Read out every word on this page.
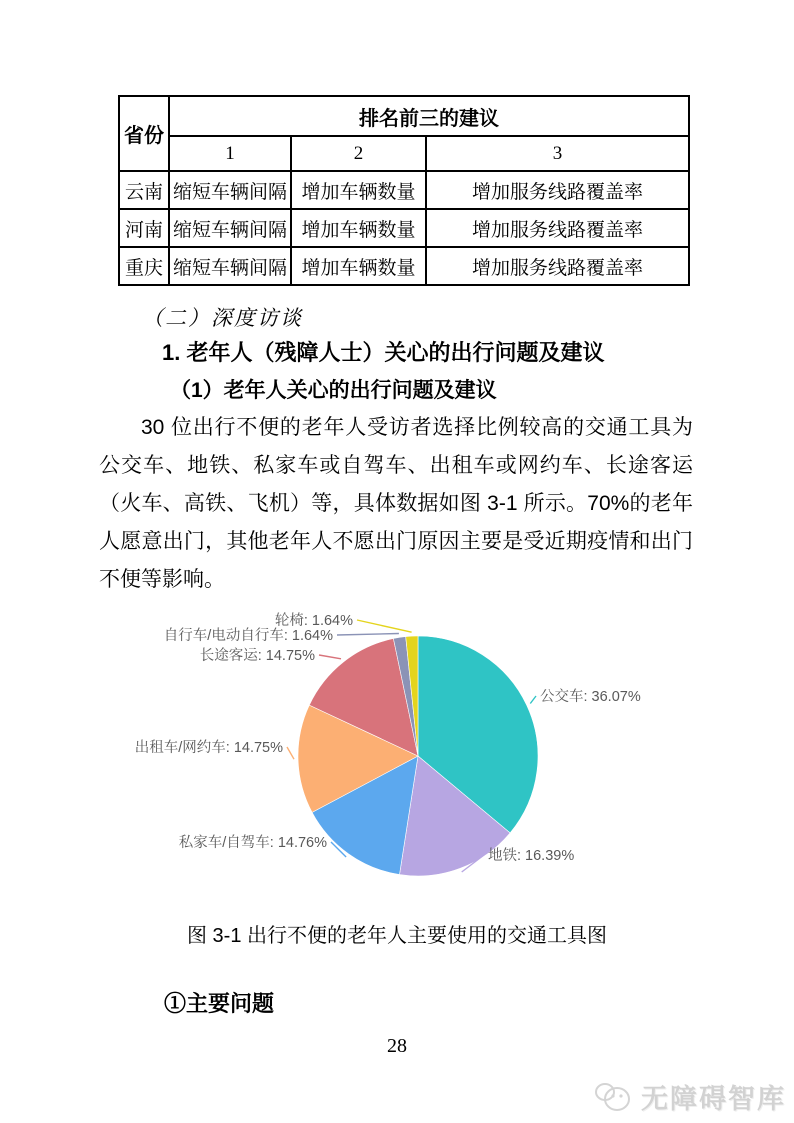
省份	排名前三的建议		
	1	2	3
云南	缩短车辆间隔	增加车辆数量	增加服务线路覆盖率
河南	缩短车辆间隔	增加车辆数量	增加服务线路覆盖率
重庆	缩短车辆间隔	增加车辆数量	增加服务线路覆盖率
（二）深度访谈
1. 老年人（残障人士）关心的出行问题及建议
（1）老年人关心的出行问题及建议
30 位出行不便的老年人受访者选择比例较高的交通工具为公交车、地铁、私家车或自驾车、出租车或网约车、长途客运（火车、高铁、飞机）等，具体数据如图 3-1 所示。70%的老年人愿意出门，其他老年人不愿出门原因主要是受近期疫情和出门不便等影响。
公交车: 36.07%
地铁: 16.39%
私家车/自驾车: 14.76%
出租车/网约车: 14.75%
长途客运: 14.75%
自行车/电动自行车: 1.64%
轮椅: 1.64%
图 3-1 出行不便的老年人主要使用的交通工具图
①主要问题
28
无障碍智库
